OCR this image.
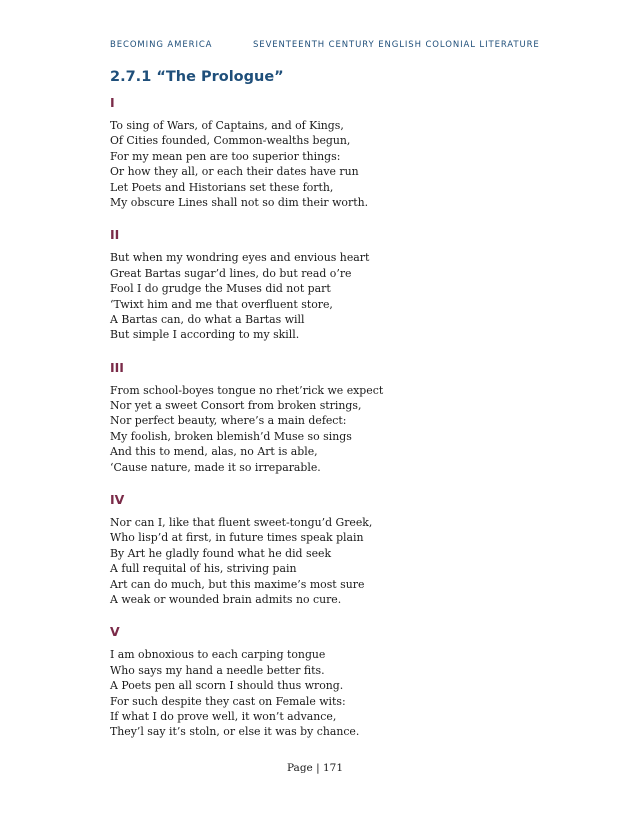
BECOMING AMERICA	SEVENTEENTH CENTURY ENGLISH COLONIAL LITERATURE
2.7.1 “The Prologue”
I
To sing of Wars, of Captains, and of Kings,
Of Cities founded, Common-wealths begun,
For my mean pen are too superior things:
Or how they all, or each their dates have run
Let Poets and Historians set these forth,
My obscure Lines shall not so dim their worth.
II
But when my wondring eyes and envious heart
Great Bartas sugar’d lines, do but read o’re
Fool I do grudge the Muses did not part
‘Twixt him and me that overfluent store,
A Bartas can, do what a Bartas will
But simple I according to my skill.
III
From school-boyes tongue no rhet’rick we expect
Nor yet a sweet Consort from broken strings,
Nor perfect beauty, where’s a main defect:
My foolish, broken blemish’d Muse so sings
And this to mend, alas, no Art is able,
‘Cause nature, made it so irreparable.
IV
Nor can I, like that fluent sweet-tongu’d Greek,
Who lisp’d at first, in future times speak plain
By Art he gladly found what he did seek
A full requital of his, striving pain
Art can do much, but this maxime’s most sure
A weak or wounded brain admits no cure.
V
I am obnoxious to each carping tongue
Who says my hand a needle better fits.
A Poets pen all scorn I should thus wrong.
For such despite they cast on Female wits:
If what I do prove well, it won’t advance,
They’l say it’s stoln, or else it was by chance.
Page | 171
